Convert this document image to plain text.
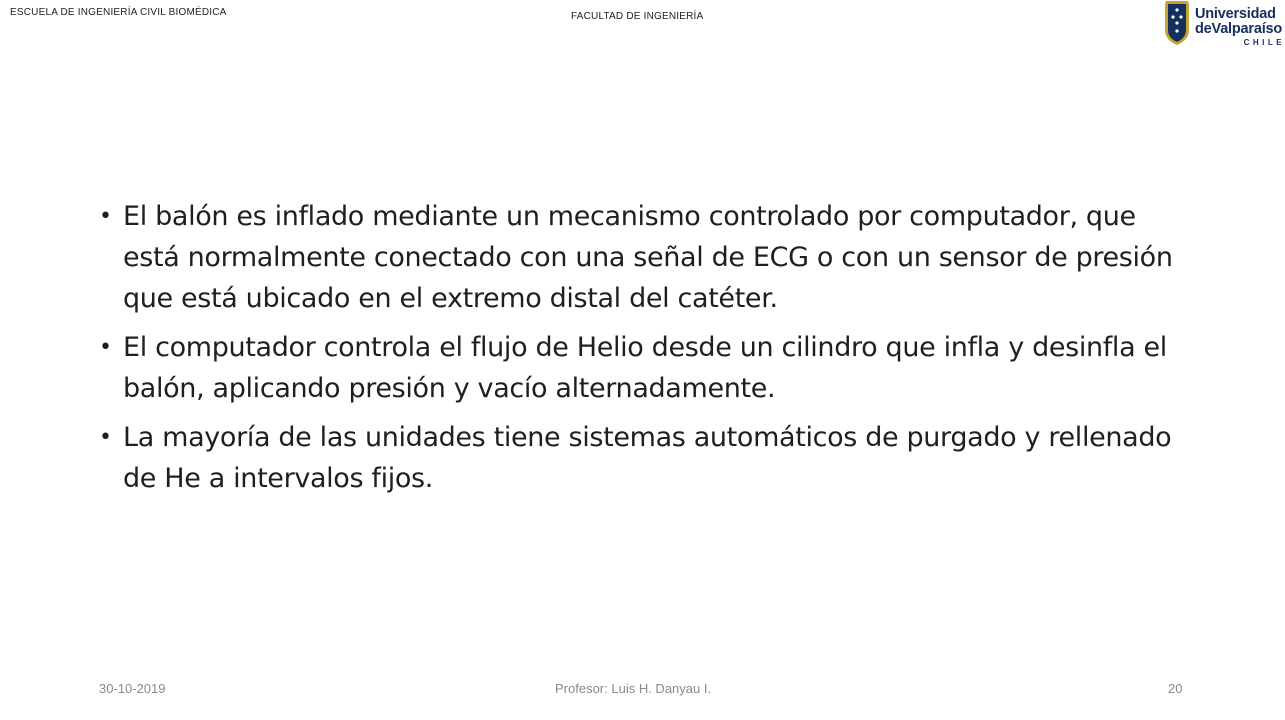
ESCUELA DE INGENIERÍA CIVIL BIOMÉDICA	FACULTAD DE INGENIERÍA	Universidad
deValparaíso
CHILE
• El balón es inflado mediante un mecanismo controlado por computador, que está normalmente conectado con una señal de ECG o con un sensor de presión que está ubicado en el extremo distal del catéter.
• El computador controla el flujo de Helio desde un cilindro que infla y desinfla el balón, aplicando presión y vacío alternadamente.
• La mayoría de las unidades tiene sistemas automáticos de purgado y rellenado de He a intervalos fijos.
30-10-2019	Profesor: Luis H. Danyau I.	20
